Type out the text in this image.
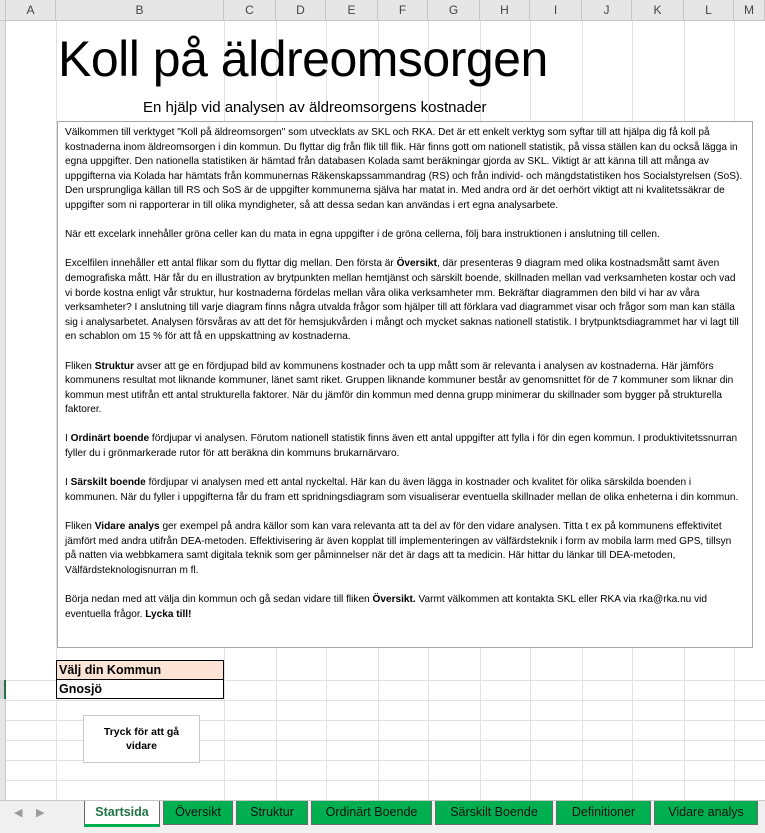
A	B	C	D	E	F	G	H	I	J	K	L	M
Koll på äldreomsorgen
En hjälp vid analysen av äldreomsorgens kostnader

Välkommen till verktyget "Koll på äldreomsorgen" som utvecklats av SKL och RKA. Det är ett enkelt verktyg som syftar till att hjälpa dig få koll på kostnaderna inom äldreomsorgen i din kommun. Du flyttar dig från flik till flik. Här finns gott om nationell statistik, på vissa ställen kan du också lägga in egna uppgifter. Den nationella statistiken är hämtad från databasen Kolada samt beräkningar gjorda av SKL. Viktigt är att känna till att många av uppgifterna via Kolada har hämtats från kommunernas Räkenskapssammandrag (RS) och från individ- och mängdstatistiken hos Socialstyrelsen (SoS). Den ursprungliga källan till RS och SoS är de uppgifter kommunerna själva har matat in. Med andra ord är det oerhört viktigt att ni kvalitetssäkrar de uppgifter som ni rapporterar in till olika myndigheter, så att dessa sedan kan användas i ert egna analysarbete.

När ett excelark innehåller gröna celler kan du mata in egna uppgifter i de gröna cellerna, följ bara instruktionen i anslutning till cellen.

Excelfilen innehåller ett antal flikar som du flyttar dig mellan. Den första är Översikt, där presenteras 9 diagram med olika kostnadsmått samt även demografiska mått. Här får du en illustration av brytpunkten mellan hemtjänst och särskilt boende, skillnaden mellan vad verksamheten kostar och vad vi borde kostna enligt vår struktur, hur kostnaderna fördelas mellan våra olika verksamheter mm. Bekräftar diagrammen den bild vi har av våra verksamheter? I anslutning till varje diagram finns några utvalda frågor som hjälper till att förklara vad diagrammet visar och frågor som man kan ställa sig i analysarbetet. Analysen försvåras av att det för hemsjukvården i mångt och mycket saknas nationell statistik. I brytpunktsdiagrammet har vi lagt till en schablon om 15 % för att få en uppskattning av kostnaderna.

Fliken Struktur avser att ge en fördjupad bild av kommunens kostnader och ta upp mått som är relevanta i analysen av kostnaderna. Här jämförs kommunens resultat mot liknande kommuner, länet samt riket. Gruppen liknande kommuner består av genomsnittet för de 7 kommuner som liknar din kommun mest utifrån ett antal strukturella faktorer. När du jämför din kommun med denna grupp minimerar du skillnader som bygger på strukturella faktorer.

I Ordinärt boende fördjupar vi analysen. Förutom nationell statistik finns även ett antal uppgifter att fylla i för din egen kommun. I produktivitetssnurran fyller du i grönmarkerade rutor för att beräkna din kommuns brukarnärvaro.

I Särskilt boende fördjupar vi analysen med ett antal nyckeltal. Här kan du även lägga in kostnader och kvalitet för olika särskilda boenden i kommunen. När du fyller i uppgifterna får du fram ett spridningsdiagram som visualiserar eventuella skillnader mellan de olika enheterna i din kommun.

Fliken Vidare analys ger exempel på andra källor som kan vara relevanta att ta del av för den vidare analysen. Titta t ex på kommunens effektivitet jämfört med andra utifrån DEA-metoden. Effektivisering är även kopplat till implementeringen av välfärdsteknik i form av mobila larm med GPS, tillsyn på natten via webbkamera samt digitala teknik som ger påminnelser när det är dags att ta medicin. Här hittar du länkar till DEA-metoden, Välfärdsteknologisnurran m fl.

Börja nedan med att välja din kommun och gå sedan vidare till fliken Översikt. Varmt välkommen att kontakta SKL eller RKA via rka@rka.nu vid eventuella frågor. Lycka till!

Välj din Kommun
Gnosjö
Tryck för att gå vidare
◀ ▶	Startsida	Översikt	Struktur	Ordinärt Boende	Särskilt Boende	Definitioner	Vidare analys
